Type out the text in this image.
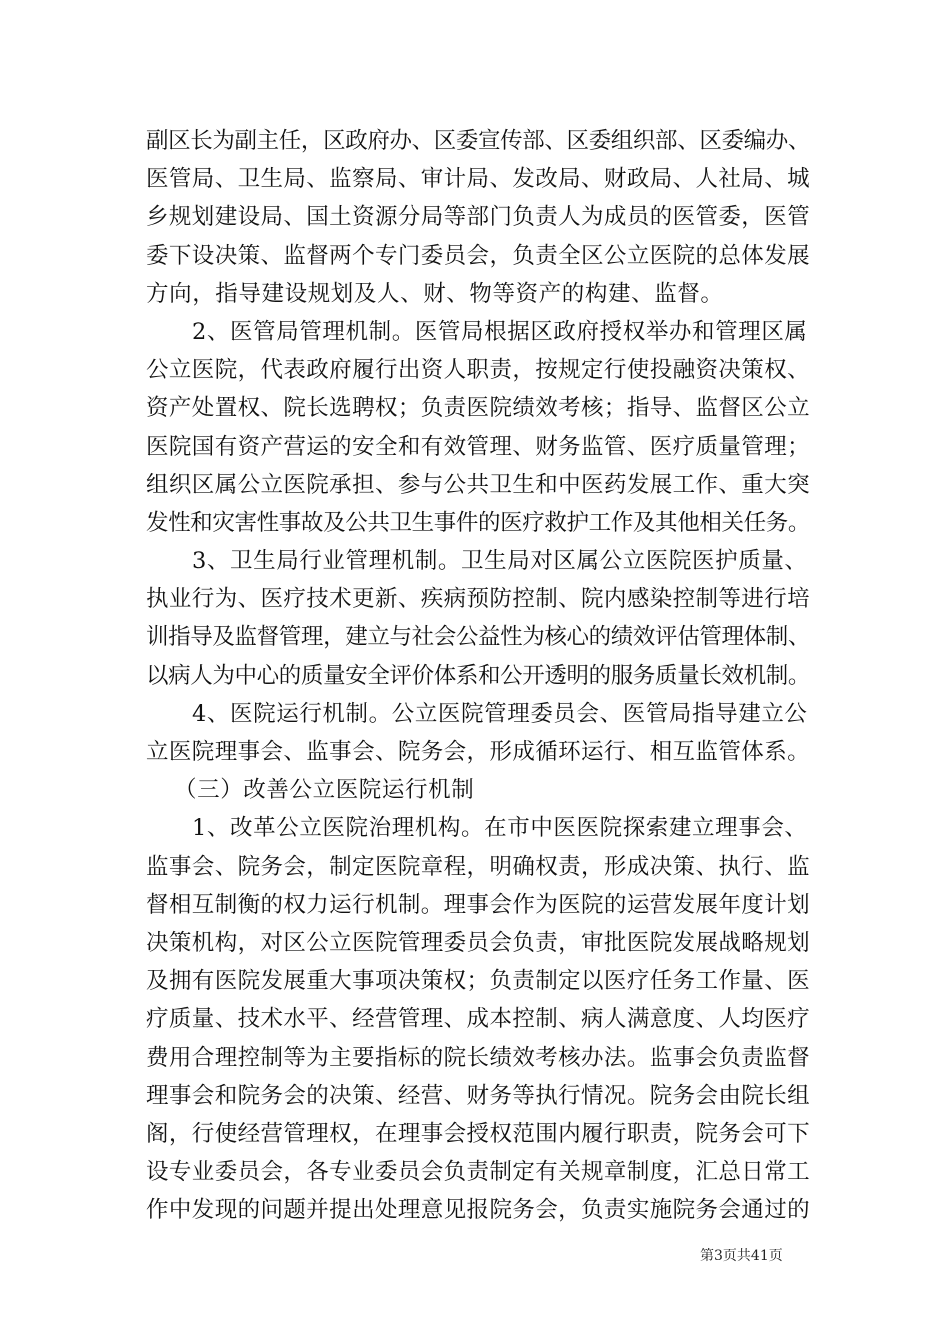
副区长为副主任，区政府办、区委宣传部、区委组织部、区委编办、
医管局、卫生局、监察局、审计局、发改局、财政局、人社局、城
乡规划建设局、国土资源分局等部门负责人为成员的医管委，医管
委下设决策、监督两个专门委员会，负责全区公立医院的总体发展
方向，指导建设规划及人、财、物等资产的构建、监督。
2、医管局管理机制。医管局根据区政府授权举办和管理区属
公立医院，代表政府履行出资人职责，按规定行使投融资决策权、
资产处置权、院长选聘权；负责医院绩效考核；指导、监督区公立
医院国有资产营运的安全和有效管理、财务监管、医疗质量管理；
组织区属公立医院承担、参与公共卫生和中医药发展工作、重大突
发性和灾害性事故及公共卫生事件的医疗救护工作及其他相关任务。
3、卫生局行业管理机制。卫生局对区属公立医院医护质量、
执业行为、医疗技术更新、疾病预防控制、院内感染控制等进行培
训指导及监督管理，建立与社会公益性为核心的绩效评估管理体制、
以病人为中心的质量安全评价体系和公开透明的服务质量长效机制。
4、医院运行机制。公立医院管理委员会、医管局指导建立公
立医院理事会、监事会、院务会，形成循环运行、相互监管体系。
（三）改善公立医院运行机制
1、改革公立医院治理机构。在市中医医院探索建立理事会、
监事会、院务会，制定医院章程，明确权责，形成决策、执行、监
督相互制衡的权力运行机制。理事会作为医院的运营发展年度计划
决策机构，对区公立医院管理委员会负责，审批医院发展战略规划
及拥有医院发展重大事项决策权；负责制定以医疗任务工作量、医
疗质量、技术水平、经营管理、成本控制、病人满意度、人均医疗
费用合理控制等为主要指标的院长绩效考核办法。监事会负责监督
理事会和院务会的决策、经营、财务等执行情况。院务会由院长组
阁，行使经营管理权，在理事会授权范围内履行职责，院务会可下
设专业委员会，各专业委员会负责制定有关规章制度，汇总日常工
作中发现的问题并提出处理意见报院务会，负责实施院务会通过的
第3页共41页
